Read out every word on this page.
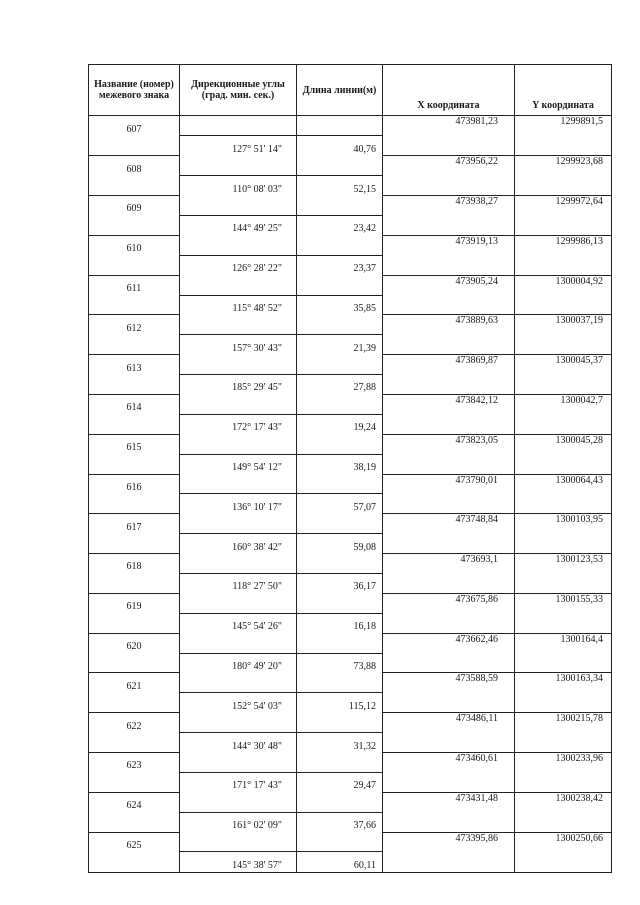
Название (номер) межевого знака	Дирекционные углы (град. мин. сек.)	Длина линии(м)	X координата	Y координата
607			473981,23	1299891,5
	127° 51' 14"	40,76		
608			473956,22	1299923,68
	110° 08' 03"	52,15		
609			473938,27	1299972,64
	144° 49' 25"	23,42		
610			473919,13	1299986,13
	126° 28' 22"	23,37		
611			473905,24	1300004,92
	115° 48' 52"	35,85		
612			473889,63	1300037,19
	157° 30' 43"	21,39		
613			473869,87	1300045,37
	185° 29' 45"	27,88		
614			473842,12	1300042,7
	172° 17' 43"	19,24		
615			473823,05	1300045,28
	149° 54' 12"	38,19		
616			473790,01	1300064,43
	136° 10' 17"	57,07		
617			473748,84	1300103,95
	160° 38' 42"	59,08		
618			473693,1	1300123,53
	118° 27' 50"	36,17		
619			473675,86	1300155,33
	145° 54' 26"	16,18		
620			473662,46	1300164,4
	180° 49' 20"	73,88		
621			473588,59	1300163,34
	152° 54' 03"	115,12		
622			473486,11	1300215,78
	144° 30' 48"	31,32		
623			473460,61	1300233,96
	171° 17' 43"	29,47		
624			473431,48	1300238,42
	161° 02' 09"	37,66		
625			473395,86	1300250,66
	145° 38' 57"	60,11		
